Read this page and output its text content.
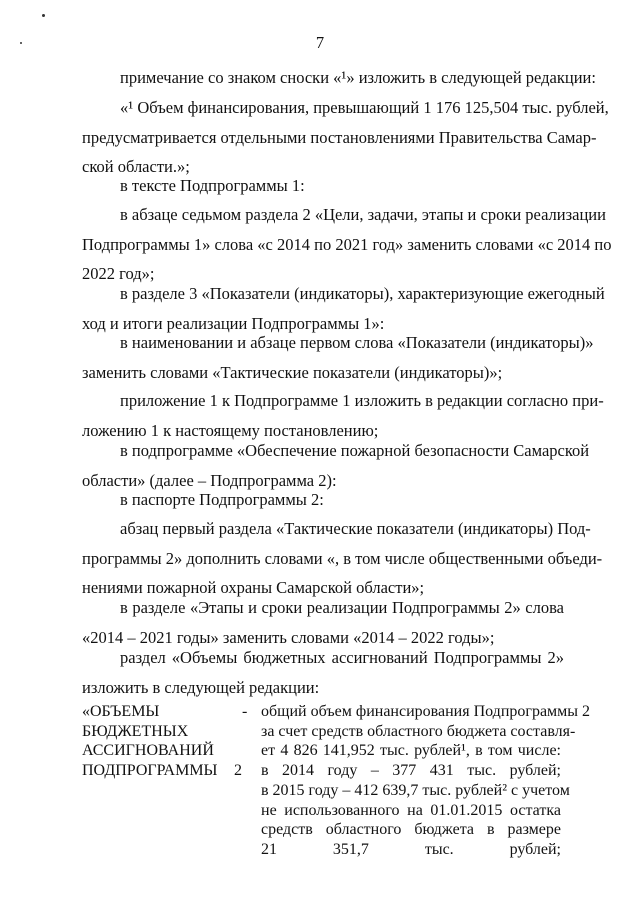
7
примечание со знаком сноски «¹» изложить в следующей редакции:
«¹ Объем финансирования, превышающий 1 176 125,504 тыс. рублей,
предусматривается отдельными постановлениями Правительства Самар-
ской области.»;
в тексте Подпрограммы 1:
в абзаце седьмом раздела 2 «Цели, задачи, этапы и сроки реализации
Подпрограммы 1» слова «с 2014 по 2021 год» заменить словами «с 2014 по
2022 год»;
в разделе 3 «Показатели (индикаторы), характеризующие ежегодный
ход и итоги реализации Подпрограммы 1»:
в наименовании и абзаце первом слова «Показатели (индикаторы)»
заменить словами «Тактические показатели (индикаторы)»;
приложение 1 к Подпрограмме 1 изложить в редакции согласно при-
ложению 1 к настоящему постановлению;
в подпрограмме «Обеспечение пожарной безопасности Самарской
области» (далее – Подпрограмма 2):
в паспорте Подпрограммы 2:
абзац первый раздела «Тактические показатели (индикаторы) Под-
программы 2» дополнить словами «, в том числе общественными объеди-
нениями пожарной охраны Самарской области»;
в разделе «Этапы и сроки реализации Подпрограммы 2» слова
«2014 – 2021 годы» заменить словами «2014 – 2022 годы»;
раздел «Объемы бюджетных ассигнований Подпрограммы 2»
изложить в следующей редакции:
«ОБЪЕМЫ
БЮДЖЕТНЫХ
АССИГНОВАНИЙ
ПОДПРОГРАММЫ 2
- общий объем финансирования Подпрограммы 2
за счет средств областного бюджета составля-
ет 4 826 141,952 тыс. рублей¹, в том числе:
в 2014 году – 377 431 тыс. рублей;
в 2015 году – 412 639,7 тыс. рублей² с учетом
не использованного на 01.01.2015 остатка
средств областного бюджета в размере
21 351,7 тыс. рублей;
